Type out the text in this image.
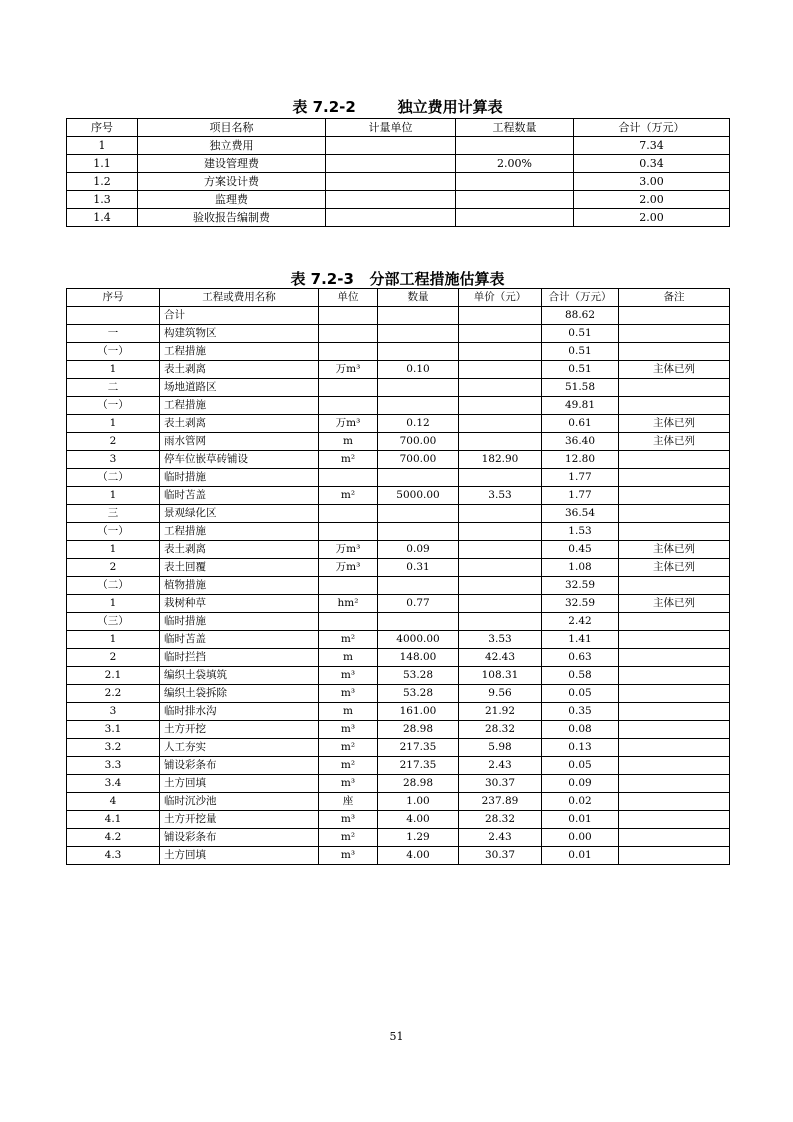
表 7.2-2        独立费用计算表
序号	项目名称	计量单位	工程数量	合计（万元）
1	独立费用			7.34
1.1	建设管理费		2.00%	0.34
1.2	方案设计费			3.00
1.3	监理费			2.00
1.4	验收报告编制费			2.00
表 7.2-3   分部工程措施估算表
序号	工程或费用名称	单位	数量	单价（元）	合计（万元）	备注
	合计				88.62	
一	构建筑物区				0.51	
（一）	工程措施				0.51	
1	表土剥离	万m³	0.10		0.51	主体已列
二	场地道路区				51.58	
（一）	工程措施				49.81	
1	表土剥离	万m³	0.12		0.61	主体已列
2	雨水管网	m	700.00		36.40	主体已列
3	停车位嵌草砖铺设	m²	700.00	182.90	12.80	
（二）	临时措施				1.77	
1	临时苫盖	m²	5000.00	3.53	1.77	
三	景观绿化区				36.54	
（一）	工程措施				1.53	
1	表土剥离	万m³	0.09		0.45	主体已列
2	表土回覆	万m³	0.31		1.08	主体已列
（二）	植物措施				32.59	
1	栽树种草	hm²	0.77		32.59	主体已列
（三）	临时措施				2.42	
1	临时苫盖	m²	4000.00	3.53	1.41	
2	临时拦挡	m	148.00	42.43	0.63	
2.1	编织土袋填筑	m³	53.28	108.31	0.58	
2.2	编织土袋拆除	m³	53.28	9.56	0.05	
3	临时排水沟	m	161.00	21.92	0.35	
3.1	土方开挖	m³	28.98	28.32	0.08	
3.2	人工夯实	m²	217.35	5.98	0.13	
3.3	铺设彩条布	m²	217.35	2.43	0.05	
3.4	土方回填	m³	28.98	30.37	0.09	
4	临时沉沙池	座	1.00	237.89	0.02	
4.1	土方开挖量	m³	4.00	28.32	0.01	
4.2	铺设彩条布	m²	1.29	2.43	0.00	
4.3	土方回填	m³	4.00	30.37	0.01	
51
